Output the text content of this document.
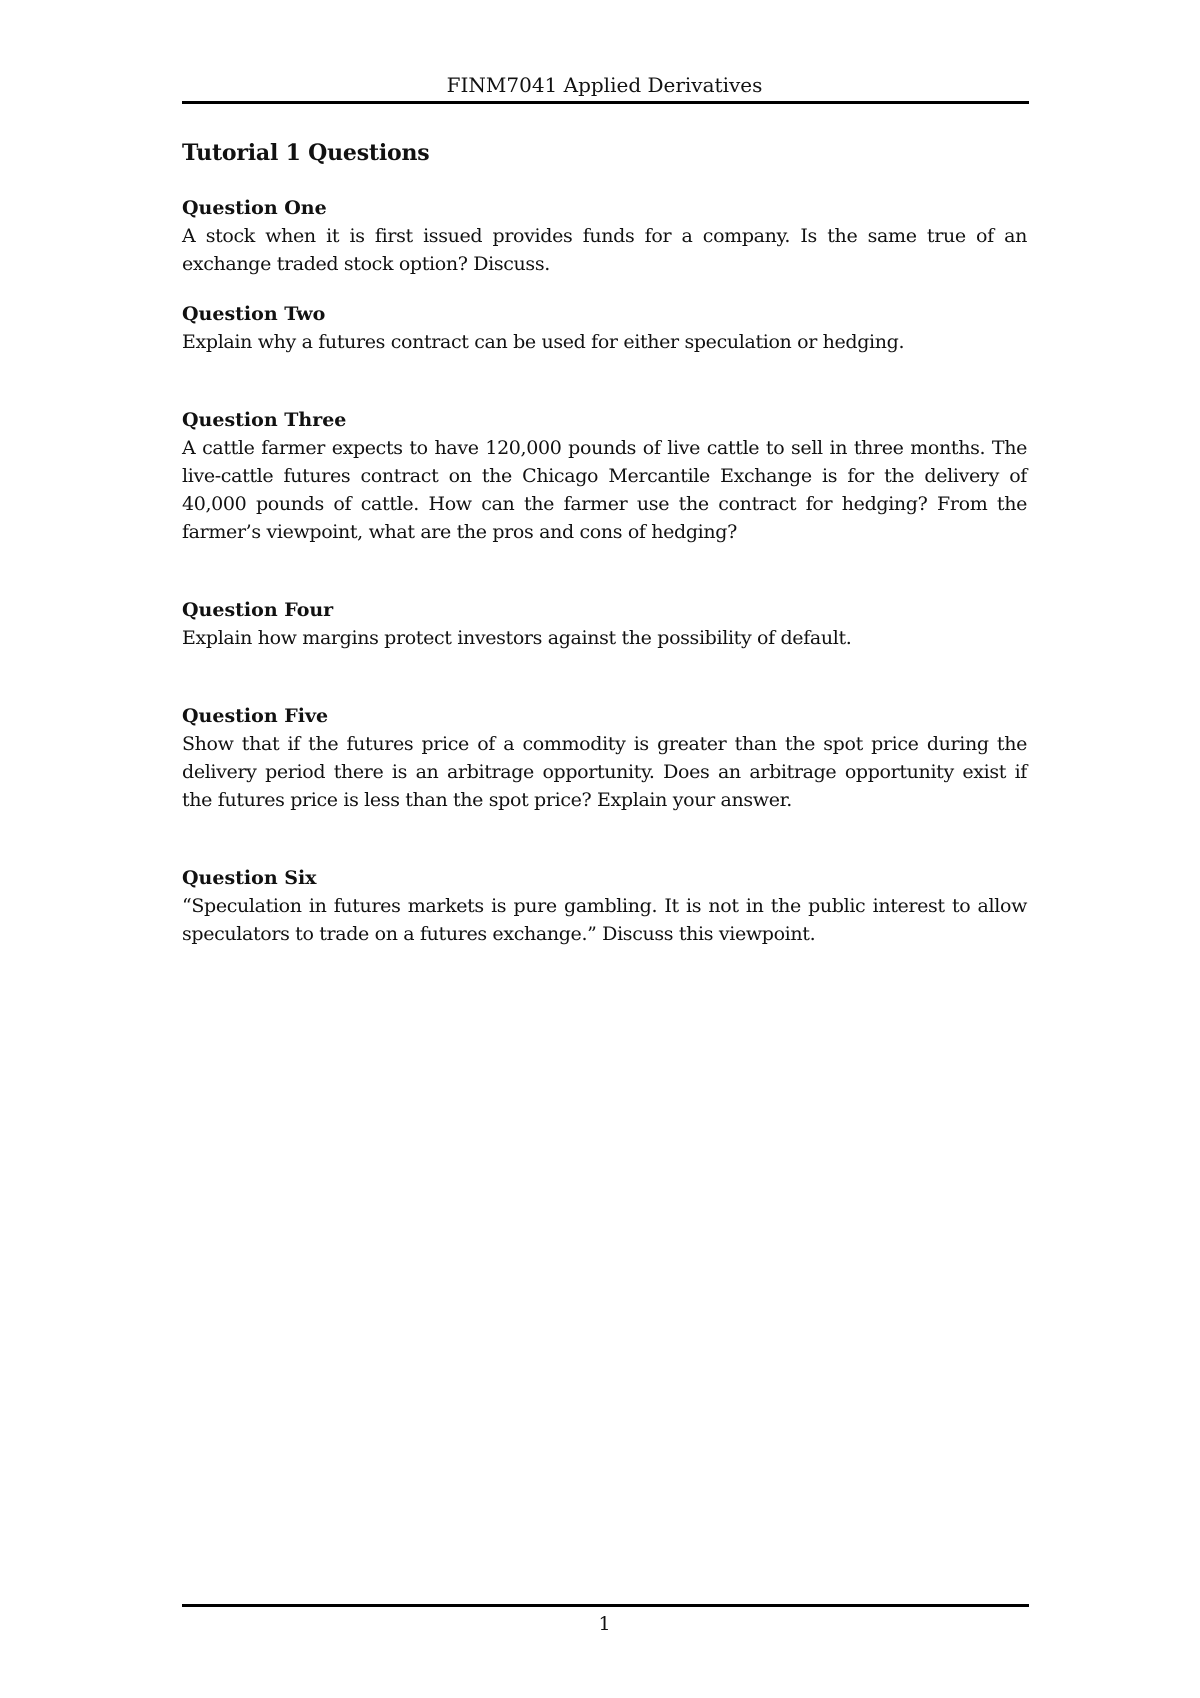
FINM7041 Applied Derivatives
Tutorial 1 Questions
Question One
A stock when it is first issued provides funds for a company. Is the same true of an exchange traded stock option? Discuss.
Question Two
Explain why a futures contract can be used for either speculation or hedging.
Question Three
A cattle farmer expects to have 120,000 pounds of live cattle to sell in three months. The live-cattle futures contract on the Chicago Mercantile Exchange is for the delivery of 40,000 pounds of cattle. How can the farmer use the contract for hedging? From the farmer’s viewpoint, what are the pros and cons of hedging?
Question Four
Explain how margins protect investors against the possibility of default.
Question Five
Show that if the futures price of a commodity is greater than the spot price during the delivery period there is an arbitrage opportunity. Does an arbitrage opportunity exist if the futures price is less than the spot price? Explain your answer.
Question Six
“Speculation in futures markets is pure gambling. It is not in the public interest to allow speculators to trade on a futures exchange.” Discuss this viewpoint.
1
